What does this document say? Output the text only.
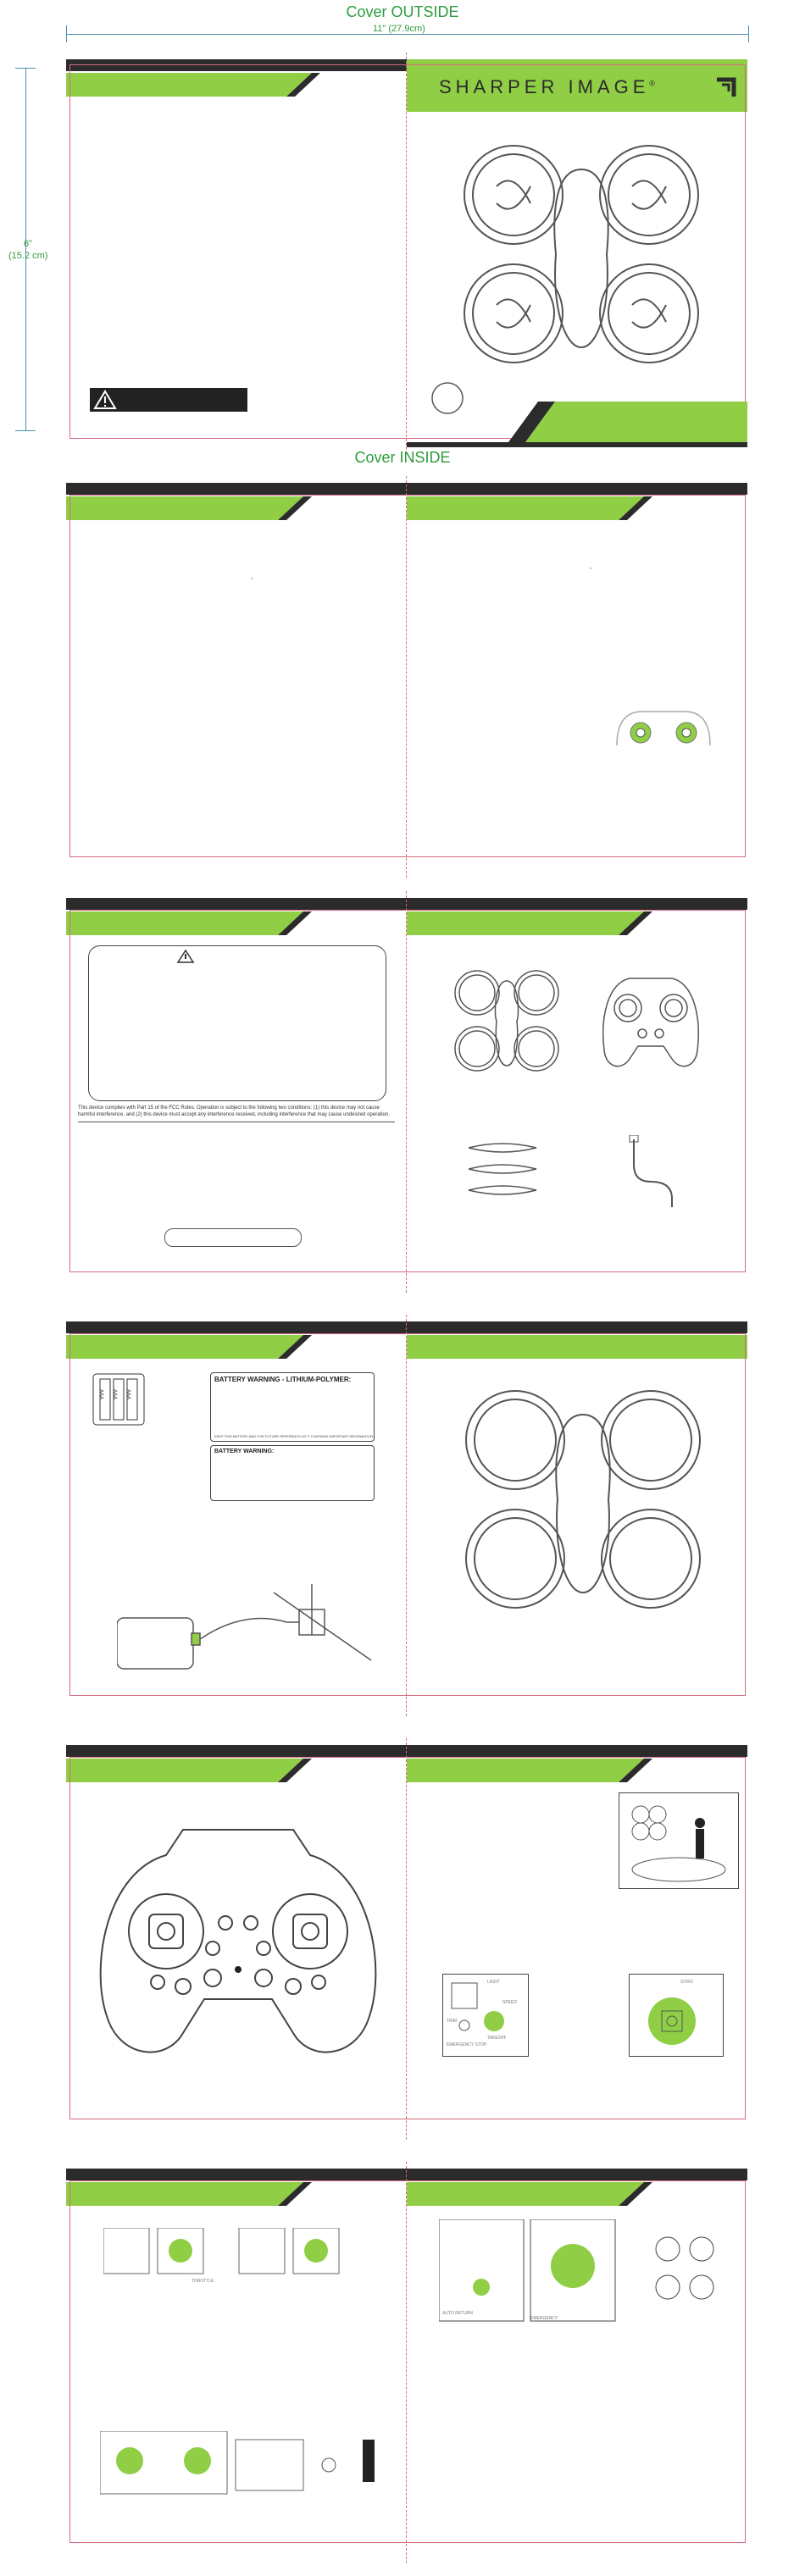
Cover OUTSIDE
11" (27.9cm)
6"
(15.2 cm)
SHARPER IMAGE®
Cover INSIDE
"
"
This device complies with Part 15 of the FCC Rules. Operation is subject to the following two conditions: (1) this device may not cause
harmful interference, and (2) this device must accept any interference received, including interference that may cause undesired operation.
AAA AAA AAA
BATTERY WARNING - LITHIUM-POLYMER:
KEEP THIS BATTERY AND FOR FUTURE REFERENCE AS IT CONTAINS IMPORTANT INFORMATION
BATTERY WARNING:
LIGHT
SPEED
TAKEOFF
EMERGENCY STOP
TRIM
GYRO
THROTTLE
AUTO RETURN
EMERGENCY
